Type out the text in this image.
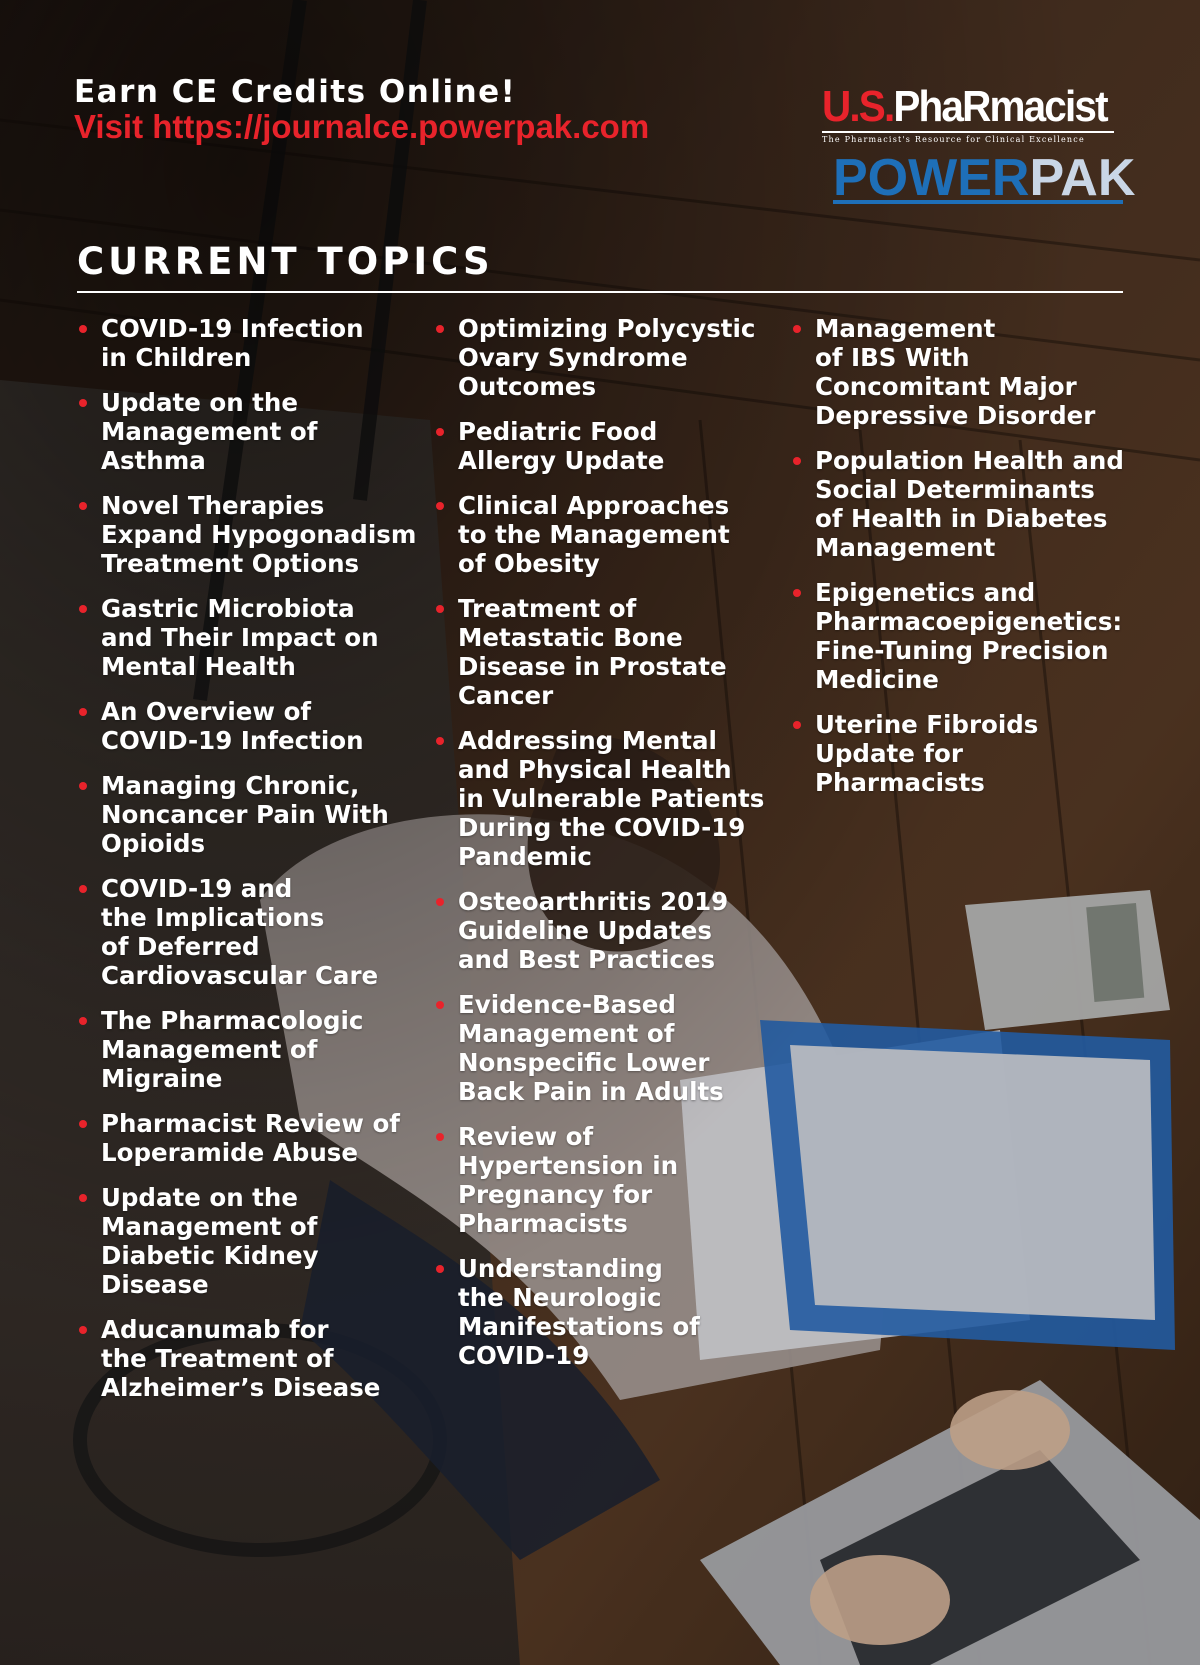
Earn CE Credits Online!
Visit https://journalce.powerpak.com	U.S.PhaRmacist
The Pharmacist's Resource for Clinical Excellence
POWERPAK
CURRENT TOPICS
COVID-19 Infection
in Children
Update on the
Management of
Asthma
Novel Therapies
Expand Hypogonadism
Treatment Options
Gastric Microbiota
and Their Impact on
Mental Health
An Overview of
COVID-19 Infection
Managing Chronic,
Noncancer Pain With
Opioids
COVID-19 and
the Implications
of Deferred
Cardiovascular Care
The Pharmacologic
Management of
Migraine
Pharmacist Review of
Loperamide Abuse
Update on the
Management of
Diabetic Kidney
Disease
Aducanumab for
the Treatment of
Alzheimer’s Disease
Optimizing Polycystic
Ovary Syndrome
Outcomes
Pediatric Food
Allergy Update
Clinical Approaches
to the Management
of Obesity
Treatment of
Metastatic Bone
Disease in Prostate
Cancer
Addressing Mental
and Physical Health
in Vulnerable Patients
During the COVID-19
Pandemic
Osteoarthritis 2019
Guideline Updates
and Best Practices
Evidence-Based
Management of
Nonspecific Lower
Back Pain in Adults
Review of
Hypertension in
Pregnancy for
Pharmacists
Understanding
the Neurologic
Manifestations of
COVID-19
Management
of IBS With
Concomitant Major
Depressive Disorder
Population Health and
Social Determinants
of Health in Diabetes
Management
Epigenetics and
Pharmacoepigenetics:
Fine-Tuning Precision
Medicine
Uterine Fibroids
Update for
Pharmacists
